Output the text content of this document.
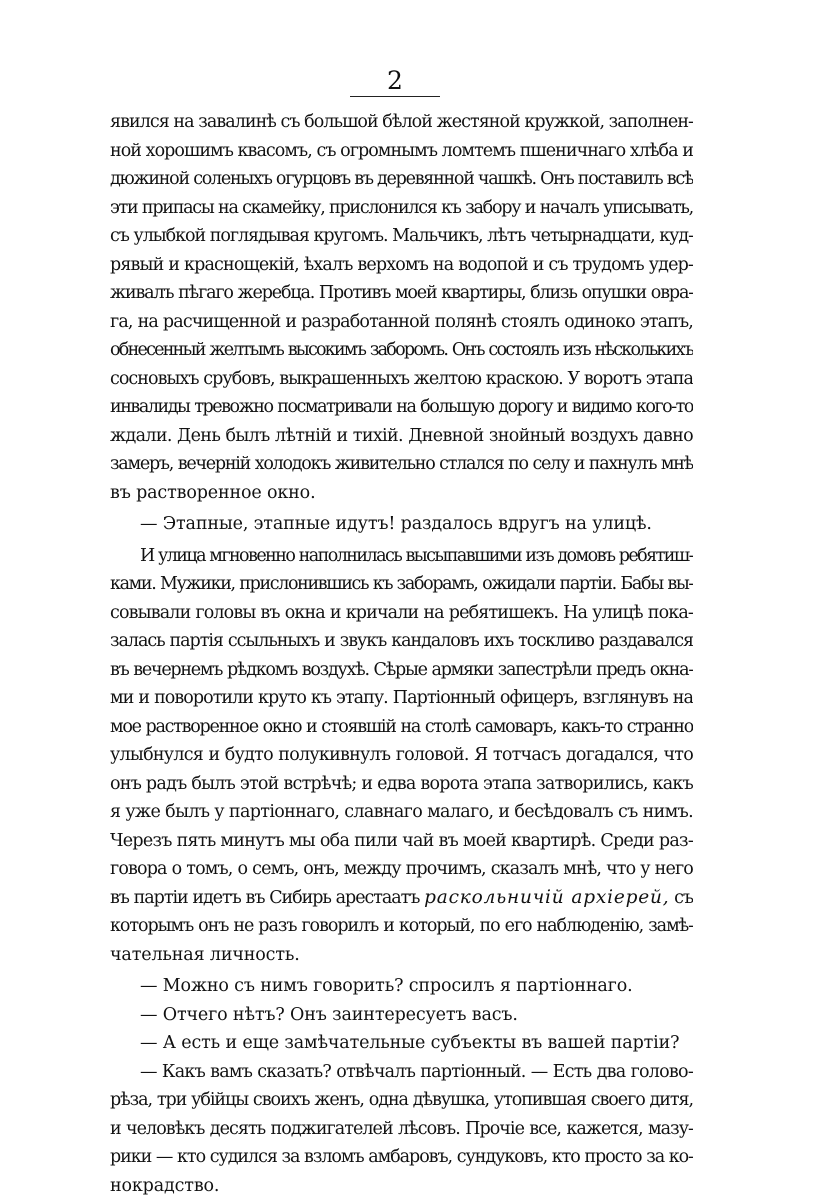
2
явился на завалинѣ съ большой бѣлой жестяной кружкой, заполнен-
ной хорошимъ квасомъ, съ огромнымъ ломтемъ пшеничнаго хлѣба и
дюжиной соленыхъ огурцовъ въ деревянной чашкѣ. Онъ поставилъ всѣ
эти припасы на скамейку, прислонился къ забору и началъ уписывать,
съ улыбкой поглядывая кругомъ. Мальчикъ, лѣтъ четырнадцати, куд-
рявый и краснощекій, ѣхалъ верхомъ на водопой и съ трудомъ удер-
живалъ пѣгаго жеребца. Противъ моей квартиры, близь опушки овра-
га, на расчищенной и разработанной полянѣ стоялъ одиноко этапъ,
обнесенный желтымъ высокимъ заборомъ. Онъ состоялъ изъ нѣсколькихъ
сосновыхъ срубовъ, выкрашенныхъ желтою краскою. У воротъ этапа
инвалиды тревожно посматривали на большую дорогу и видимо кого-то
ждали. День былъ лѣтній и тихій. Дневной знойный воздухъ давно
замеръ, вечерній холодокъ живительно стлался по селу и пахнулъ мнѣ
въ растворенное окно.
— Этапные, этапные идутъ! раздалось вдругъ на улицѣ.
И улица мгновенно наполнилась высыпавшими изъ домовъ ребятиш-
ками. Мужики, прислонившись къ заборамъ, ожидали партіи. Бабы вы-
совывали головы въ окна и кричали на ребятишекъ. На улицѣ пока-
залась партія ссыльныхъ и звукъ кандаловъ ихъ тоскливо раздавался
въ вечернемъ рѣдкомъ воздухѣ. Сѣрые армяки запестрѣли предъ окна-
ми и поворотили круто къ этапу. Партіонный офицеръ, взглянувъ на
мое растворенное окно и стоявшій на столѣ самоваръ, какъ-то странно
улыбнулся и будто полукивнулъ головой. Я тотчасъ догадался, что
онъ радъ былъ этой встрѣчѣ; и едва ворота этапа затворились, какъ
я уже былъ у партіоннаго, славнаго малаго, и бесѣдовалъ съ нимъ.
Черезъ пять минутъ мы оба пили чай въ моей квартирѣ. Среди раз-
говора о томъ, о семъ, онъ, между прочимъ, сказалъ мнѣ, что у него
въ партіи идетъ въ Сибирь арестаатъ раскольничій архіерей, съ
которымъ онъ не разъ говорилъ и который, по его наблюденію, замѣ-
чательная личность.
— Можно съ нимъ говорить? спросилъ я партіоннаго.
— Отчего нѣтъ? Онъ заинтересуетъ васъ.
— А есть и еще замѣчательные субъекты въ вашей партіи?
— Какъ вамъ сказать? отвѣчалъ партіонный. — Есть два голово-
рѣза, три убійцы своихъ женъ, одна дѣвушка, утопившая своего дитя,
и человѣкъ десять поджигателей лѣсовъ. Прочіе все, кажется, мазу-
рики — кто судился за взломъ амбаровъ, сундуковъ, кто просто за ко-
нокрадство.
